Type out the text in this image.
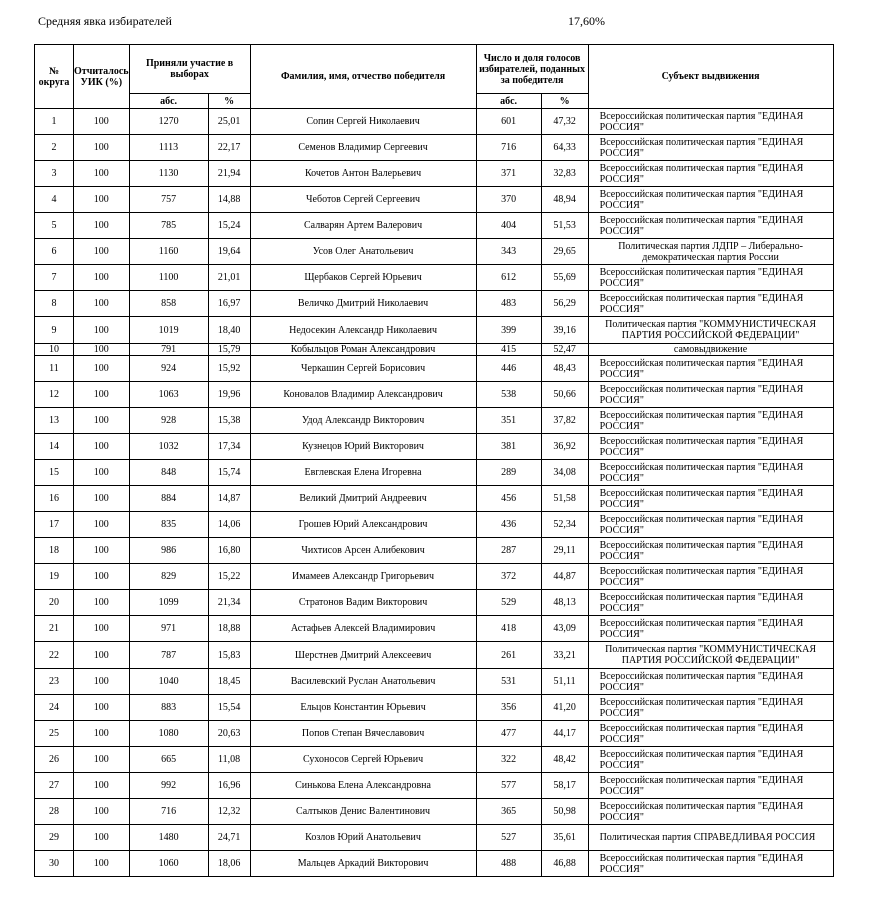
Средняя явка избирателей	17,60%
№ округа	Отчиталось УИК (%)	Приняли участие в выборах		Фамилия, имя, отчество победителя	Число и доля голосов избирателей, поданных за победителя		Субъект выдвижения
		абс.	%		абс.	%	
1	100	1270	25,01	Сопин Сергей Николаевич	601	47,32	Всероссийская политическая партия "ЕДИНАЯ РОССИЯ"
2	100	1113	22,17	Семенов Владимир Сергеевич	716	64,33	Всероссийская политическая партия "ЕДИНАЯ РОССИЯ"
3	100	1130	21,94	Кочетов Антон Валерьевич	371	32,83	Всероссийская политическая партия "ЕДИНАЯ РОССИЯ"
4	100	757	14,88	Чеботов Сергей Сергеевич	370	48,94	Всероссийская политическая партия "ЕДИНАЯ РОССИЯ"
5	100	785	15,24	Салварян Артем Валерович	404	51,53	Всероссийская политическая партия "ЕДИНАЯ РОССИЯ"
6	100	1160	19,64	Усов Олег Анатольевич	343	29,65	Политическая партия ЛДПР – Либерально-демократическая партия России
7	100	1100	21,01	Щербаков Сергей Юрьевич	612	55,69	Всероссийская политическая партия "ЕДИНАЯ РОССИЯ"
8	100	858	16,97	Величко Дмитрий Николаевич	483	56,29	Всероссийская политическая партия "ЕДИНАЯ РОССИЯ"
9	100	1019	18,40	Недосекин Александр Николаевич	399	39,16	Политическая партия "КОММУНИСТИЧЕСКАЯ ПАРТИЯ РОССИЙСКОЙ ФЕДЕРАЦИИ"
10	100	791	15,79	Кобыльцов Роман Александрович	415	52,47	самовыдвижение
11	100	924	15,92	Черкашин Сергей Борисович	446	48,43	Всероссийская политическая партия "ЕДИНАЯ РОССИЯ"
12	100	1063	19,96	Коновалов Владимир Александрович	538	50,66	Всероссийская политическая партия "ЕДИНАЯ РОССИЯ"
13	100	928	15,38	Удод Александр Викторович	351	37,82	Всероссийская политическая партия "ЕДИНАЯ РОССИЯ"
14	100	1032	17,34	Кузнецов Юрий Викторович	381	36,92	Всероссийская политическая партия "ЕДИНАЯ РОССИЯ"
15	100	848	15,74	Евглевская Елена Игоревна	289	34,08	Всероссийская политическая партия "ЕДИНАЯ РОССИЯ"
16	100	884	14,87	Великий Дмитрий Андреевич	456	51,58	Всероссийская политическая партия "ЕДИНАЯ РОССИЯ"
17	100	835	14,06	Грошев Юрий Александрович	436	52,34	Всероссийская политическая партия "ЕДИНАЯ РОССИЯ"
18	100	986	16,80	Чихтисов Арсен Алибекович	287	29,11	Всероссийская политическая партия "ЕДИНАЯ РОССИЯ"
19	100	829	15,22	Имамеев Александр Григорьевич	372	44,87	Всероссийская политическая партия "ЕДИНАЯ РОССИЯ"
20	100	1099	21,34	Стратонов Вадим Викторович	529	48,13	Всероссийская политическая партия "ЕДИНАЯ РОССИЯ"
21	100	971	18,88	Астафьев Алексей Владимирович	418	43,09	Всероссийская политическая партия "ЕДИНАЯ РОССИЯ"
22	100	787	15,83	Шерстнев Дмитрий Алексеевич	261	33,21	Политическая партия "КОММУНИСТИЧЕСКАЯ ПАРТИЯ РОССИЙСКОЙ ФЕДЕРАЦИИ"
23	100	1040	18,45	Василевский Руслан Анатольевич	531	51,11	Всероссийская политическая партия "ЕДИНАЯ РОССИЯ"
24	100	883	15,54	Ельцов Константин Юрьевич	356	41,20	Всероссийская политическая партия "ЕДИНАЯ РОССИЯ"
25	100	1080	20,63	Попов Степан Вячеславович	477	44,17	Всероссийская политическая партия "ЕДИНАЯ РОССИЯ"
26	100	665	11,08	Сухоносов Сергей Юрьевич	322	48,42	Всероссийская политическая партия "ЕДИНАЯ РОССИЯ"
27	100	992	16,96	Синькова Елена Александровна	577	58,17	Всероссийская политическая партия "ЕДИНАЯ РОССИЯ"
28	100	716	12,32	Салтыков Денис Валентинович	365	50,98	Всероссийская политическая партия "ЕДИНАЯ РОССИЯ"
29	100	1480	24,71	Козлов Юрий Анатольевич	527	35,61	Политическая партия СПРАВЕДЛИВАЯ РОССИЯ
30	100	1060	18,06	Мальцев Аркадий Викторович	488	46,88	Всероссийская политическая партия "ЕДИНАЯ РОССИЯ"
